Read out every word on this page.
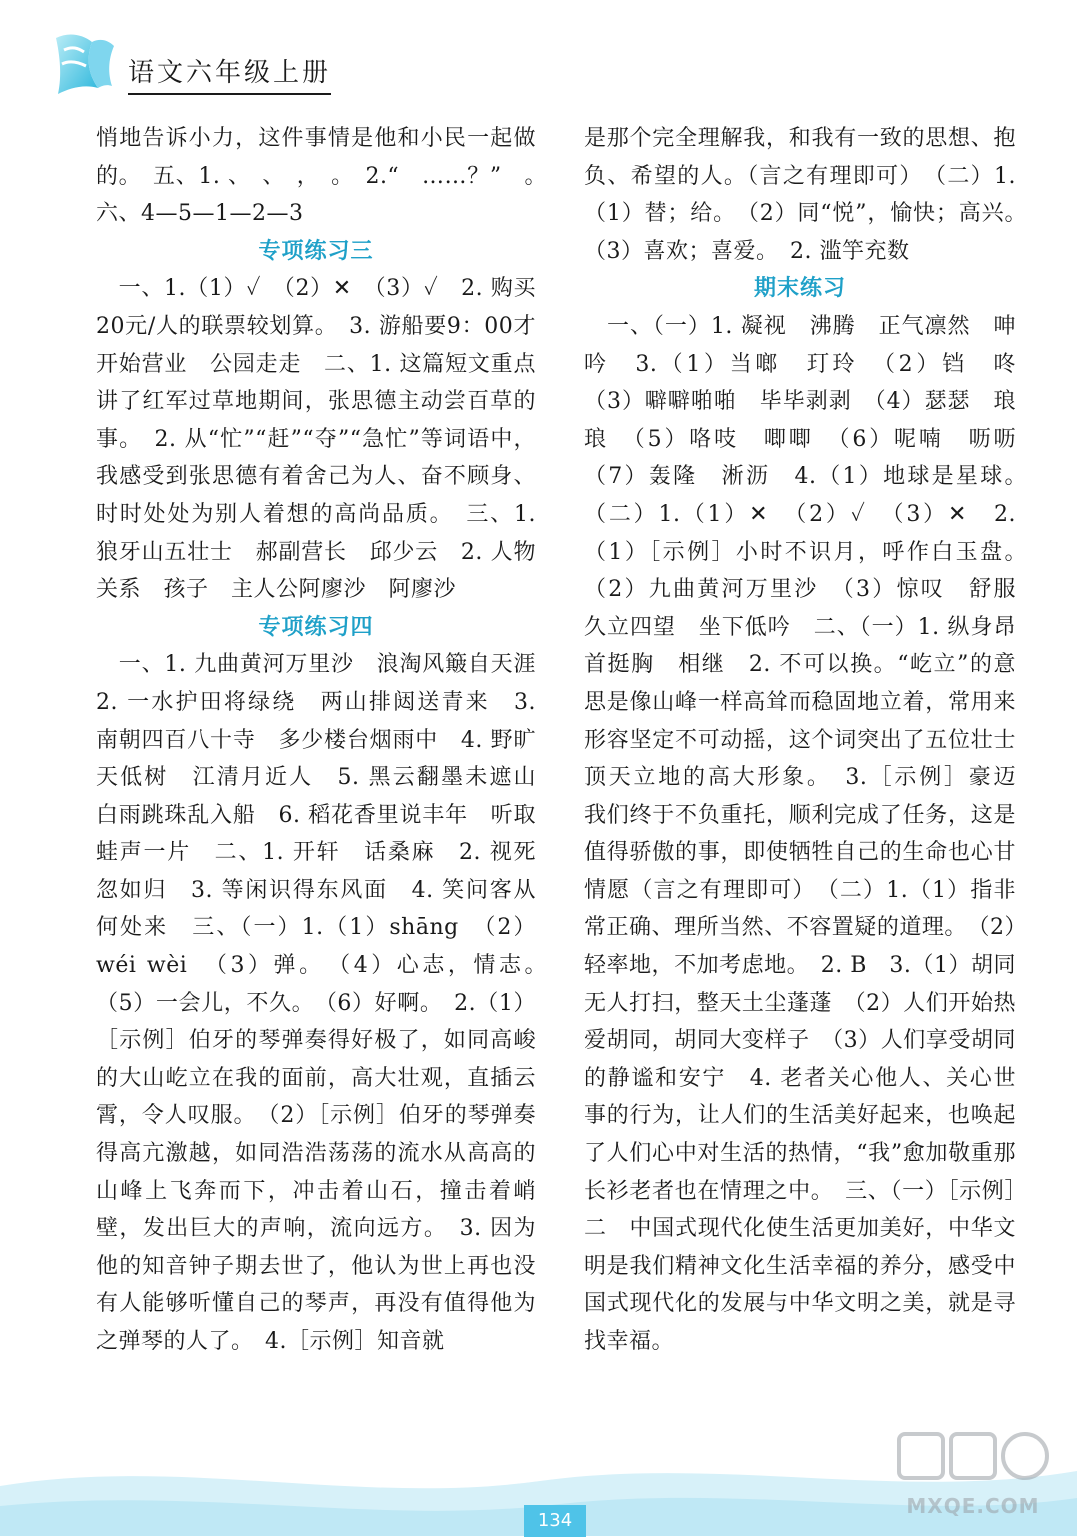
语文六年级上册

悄地告诉小力，这件事情是他和小民一起做的。　五、1. 、　、　，　。　2.“　……？”　。　六、4—5—1—2—3

专项练习三

　一、1.（1）✓　（2）✕　（3）✓　2. 购买20元/人的联票较划算。　3. 游船要9：00才开始营业　公园走走　二、1. 这篇短文重点讲了红军过草地期间，张思德主动尝百草的事。　2. 从“忙”“赶”“夺”“急忙”等词语中，我感受到张思德有着舍己为人、奋不顾身、时时处处为别人着想的高尚品质。　三、1. 狼牙山五壮士　郝副营长　邱少云　2. 人物关系　孩子　主人公阿廖沙　阿廖沙

专项练习四

　一、1. 九曲黄河万里沙　浪淘风簸自天涯　2. 一水护田将绿绕　两山排闼送青来　3. 南朝四百八十寺　多少楼台烟雨中　4. 野旷天低树　江清月近人　5. 黑云翻墨未遮山　白雨跳珠乱入船　6. 稻花香里说丰年　听取蛙声一片　二、1. 开轩　话桑麻　2. 视死忽如归　3. 等闲识得东风面　4. 笑问客从何处来　三、（一）1.（1）shāng　（2）wéi wèi　（3）弹。　（4）心志，情志。　（5）一会儿，不久。　（6）好啊。　2.（1）［示例］伯牙的琴弹奏得好极了，如同高峻的大山屹立在我的面前，高大壮观，直插云霄，令人叹服。　（2）［示例］伯牙的琴弹奏得高亢激越，如同浩浩荡荡的流水从高高的山峰上飞奔而下，冲击着山石，撞击着峭壁，发出巨大的声响，流向远方。　3. 因为他的知音钟子期去世了，他认为世上再也没有人能够听懂自己的琴声，再没有值得他为之弹琴的人了。　4.［示例］知音就

是那个完全理解我，和我有一致的思想、抱负、希望的人。（言之有理即可）　（二）1.（1）替；给。　（2）同“悦”，愉快；高兴。　（3）喜欢；喜爱。　2. 滥竽充数

期末练习

　一、（一）1. 凝视　沸腾　正气凛然　呻吟　3.（1）当啷　玎玲　（2）铛　咚　（3）噼噼啪啪　毕毕剥剥　（4）瑟瑟　琅琅　（5）咯吱　唧唧　（6）呢喃　呖呖　（7）轰隆　淅沥　4.（1）地球是星球。　（二）1.（1）✕　（2）✓　（3）✕　2.（1）［示例］小时不识月，呼作白玉盘。　（2）九曲黄河万里沙　（3）惊叹　舒服　久立四望　坐下低吟　二、（一）1. 纵身昂首挺胸　相继　2. 不可以换。“屹立”的意思是像山峰一样高耸而稳固地立着，常用来形容坚定不可动摇，这个词突出了五位壮士顶天立地的高大形象。　3.［示例］豪迈　我们终于不负重托，顺利完成了任务，这是值得骄傲的事，即使牺牲自己的生命也心甘情愿（言之有理即可）　（二）1.（1）指非常正确、理所当然、不容置疑的道理。　（2）轻率地，不加考虑地。　2. B　3.（1）胡同无人打扫，整天土尘蓬蓬　（2）人们开始热爱胡同，胡同大变样子　（3）人们享受胡同的静谧和安宁　4. 老者关心他人、关心世事的行为，让人们的生活美好起来，也唤起了人们心中对生活的热情，“我”愈加敬重那长衫老者也在情理之中。　三、（一）［示例］二　中国式现代化使生活更加美好，中华文明是我们精神文化生活幸福的养分，感受中国式现代化的发展与中华文明之美，就是寻找幸福。

134
MXQE.COM
